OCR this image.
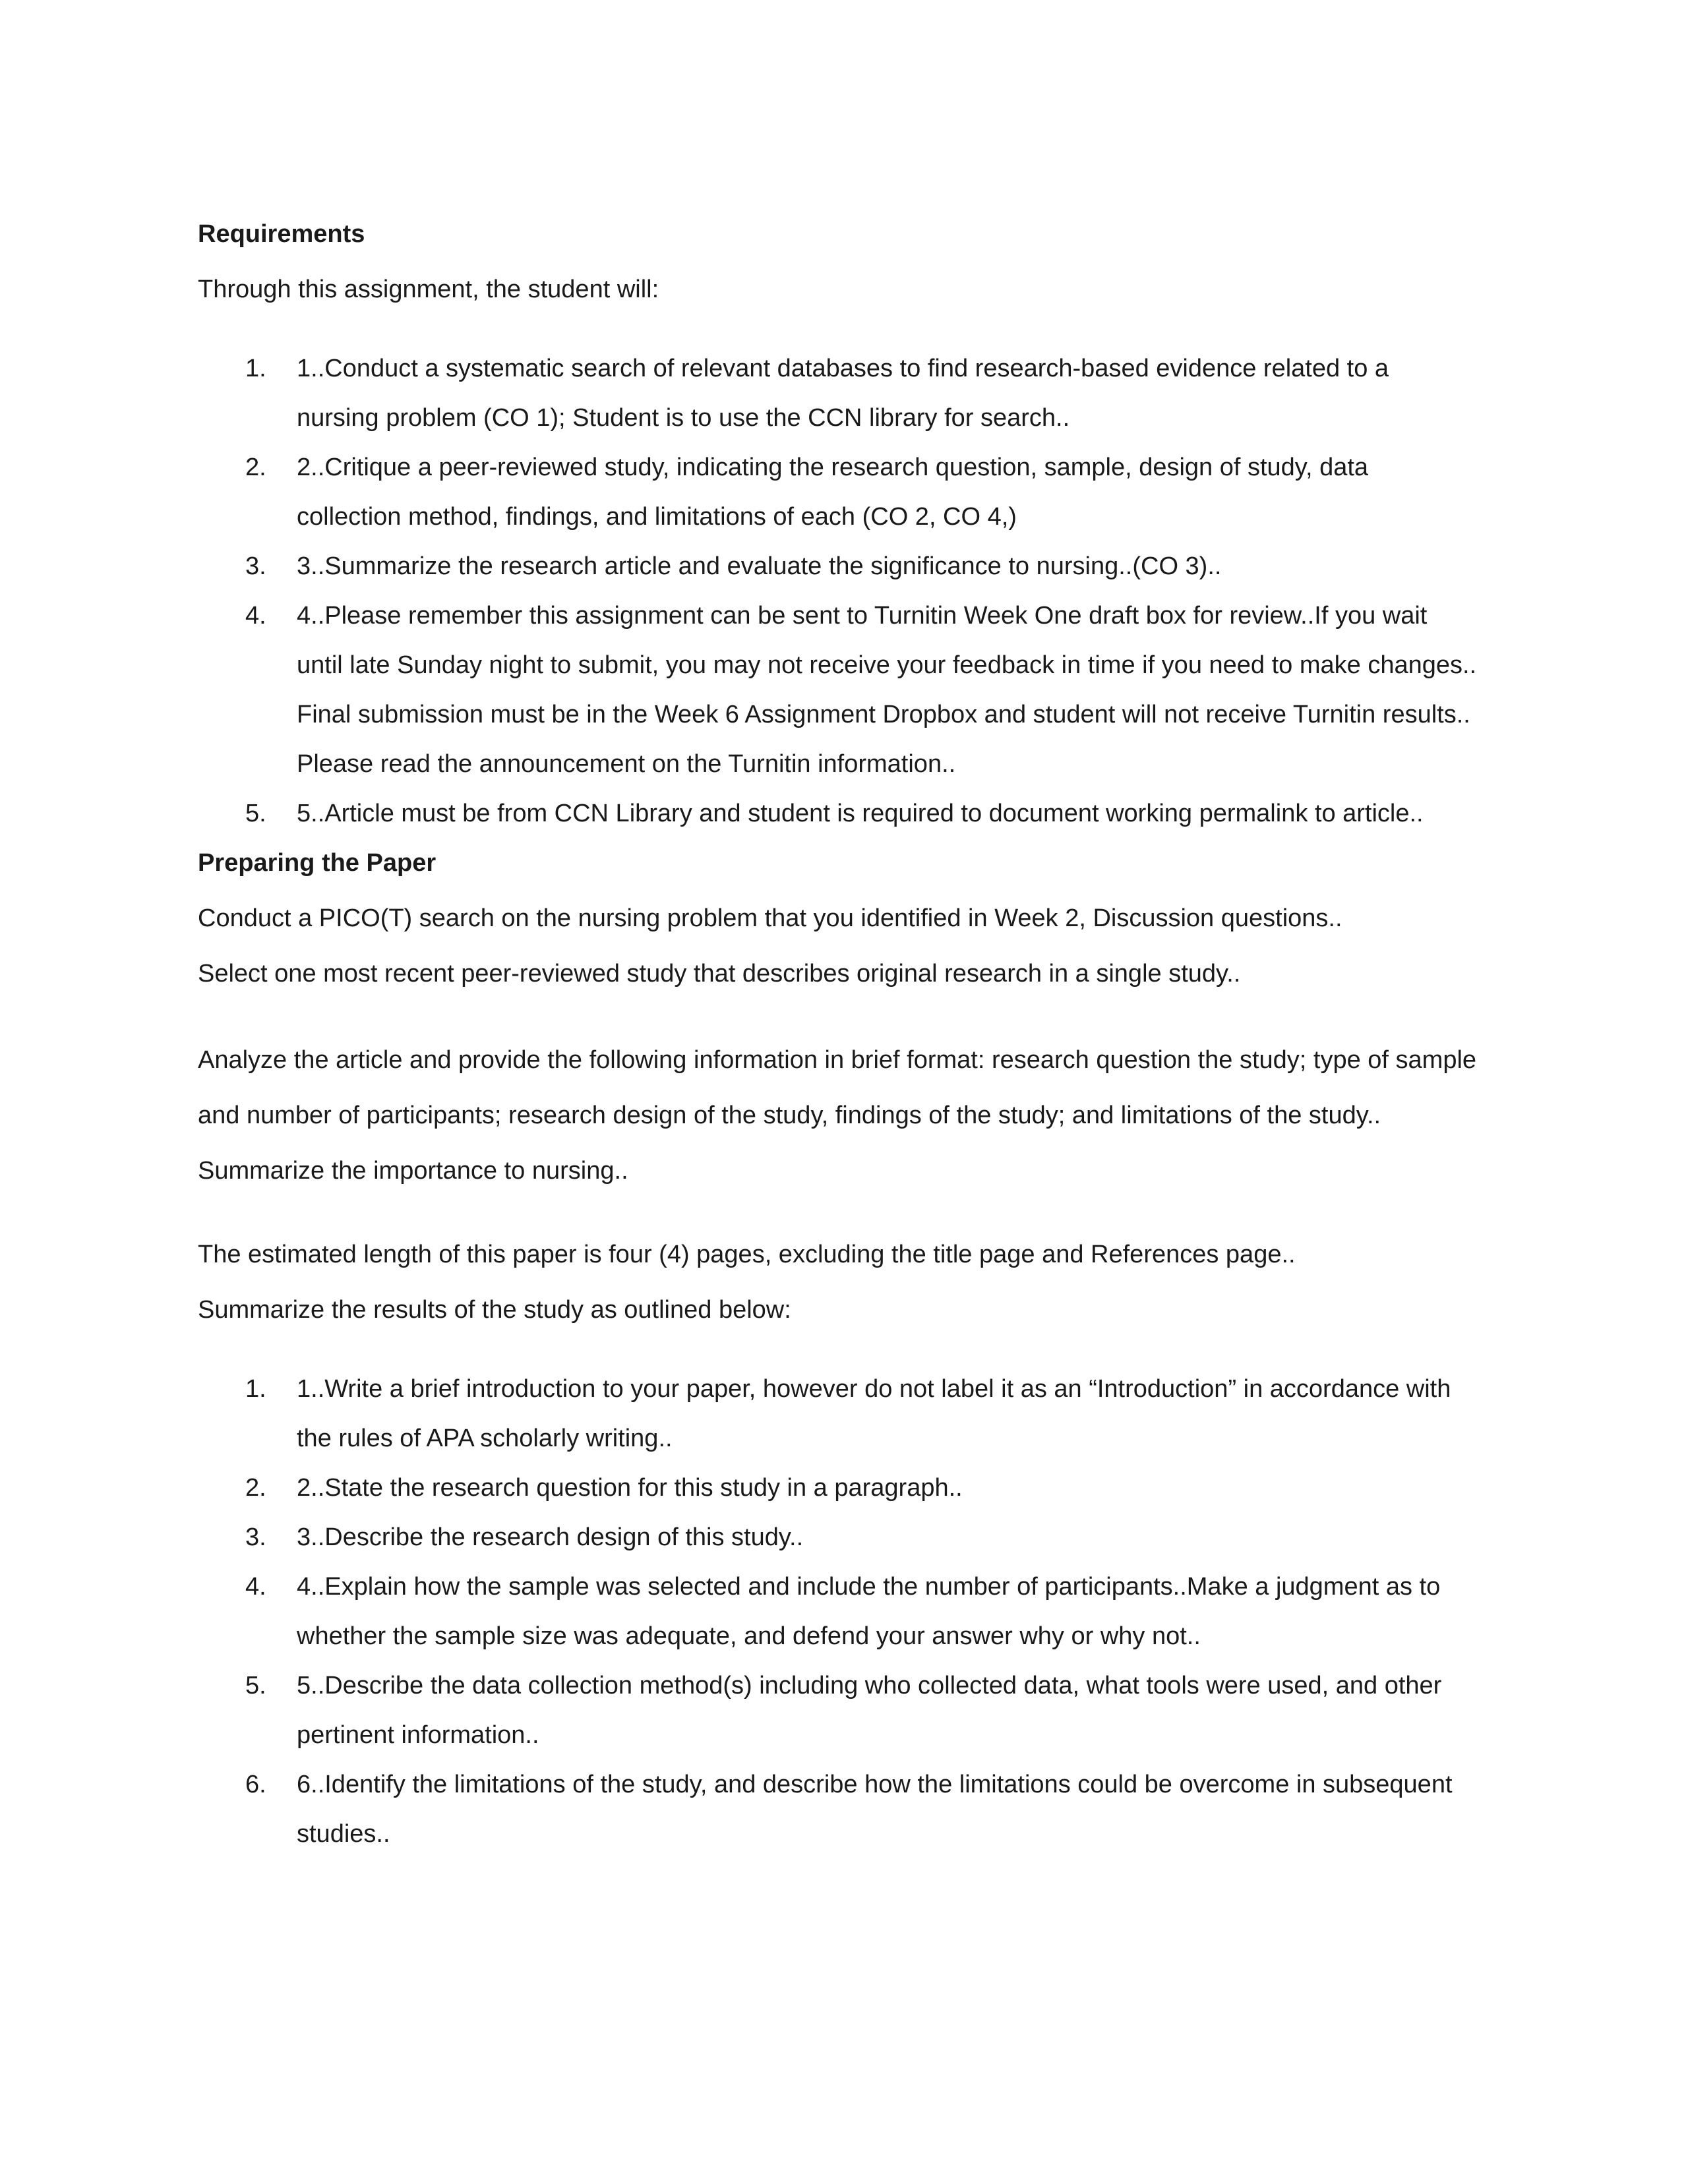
Requirements

Through this assignment, the student will:

1. 1..Conduct a systematic search of relevant databases to find research-based evidence related to a nursing problem (CO 1); Student is to use the CCN library for search..
2. 2..Critique a peer-reviewed study, indicating the research question, sample, design of study, data collection method, findings, and limitations of each (CO 2, CO 4,)
3. 3..Summarize the research article and evaluate the significance to nursing..(CO 3)..
4. 4..Please remember this assignment can be sent to Turnitin Week One draft box for review..If you wait until late Sunday night to submit, you may not receive your feedback in time if you need to make changes.. Final submission must be in the Week 6 Assignment Dropbox and student will not receive Turnitin results.. Please read the announcement on the Turnitin information..
5. 5..Article must be from CCN Library and student is required to document working permalink to article..

Preparing the Paper

Conduct a PICO(T) search on the nursing problem that you identified in Week 2, Discussion questions..

Select one most recent peer-reviewed study that describes original research in a single study..

Analyze the article and provide the following information in brief format: research question the study; type of sample and number of participants; research design of the study, findings of the study; and limitations of the study.. Summarize the importance to nursing..

The estimated length of this paper is four (4) pages, excluding the title page and References page..

Summarize the results of the study as outlined below:

1. 1..Write a brief introduction to your paper, however do not label it as an “Introduction” in accordance with the rules of APA scholarly writing..
2. 2..State the research question for this study in a paragraph..
3. 3..Describe the research design of this study..
4. 4..Explain how the sample was selected and include the number of participants..Make a judgment as to whether the sample size was adequate, and defend your answer why or why not..
5. 5..Describe the data collection method(s) including who collected data, what tools were used, and other pertinent information..
6. 6..Identify the limitations of the study, and describe how the limitations could be overcome in subsequent studies..
